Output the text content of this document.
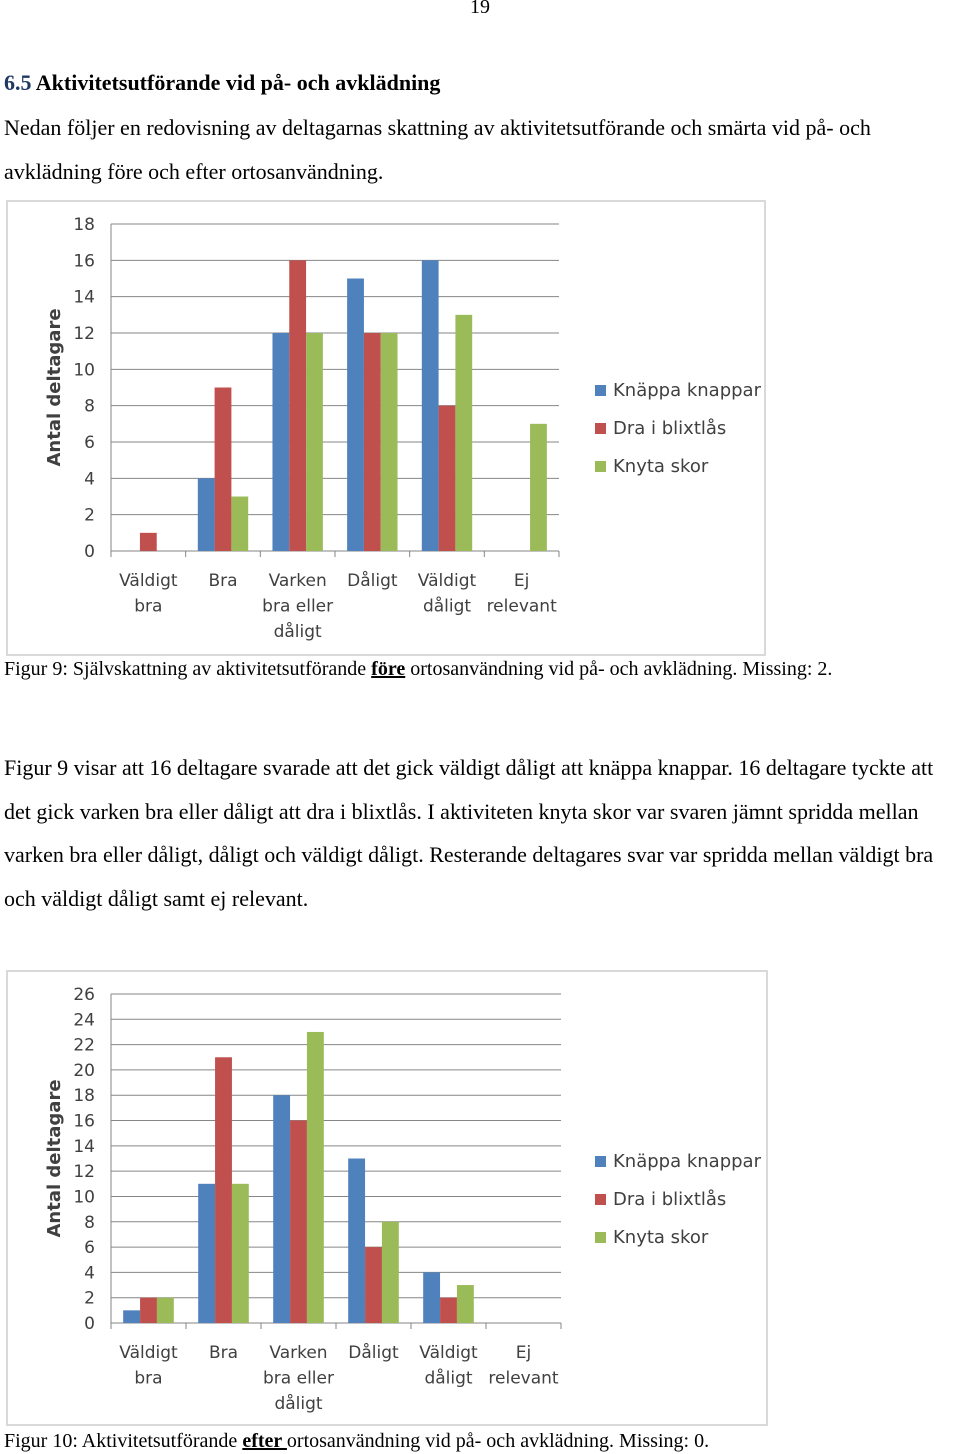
19
6.5 Aktivitetsutförande vid på- och avklädning

Nedan följer en redovisning av deltagarnas skattning av aktivitetsutförande och smärta vid på- och avklädning före och efter ortosanvändning.

0
2
4
6
8
10
12
14
16
18
Antal deltagare
Väldigt
bra
Bra Varken
bra eller
dåligt
Dåligt Väldigt
dåligt
Ej
relevant
Knäppa knappar
Dra i blixtlås
Knyta skor
Figur 9: Självskattning av aktivitetsutförande före ortosanvändning vid på- och avklädning. Missing: 2.

Figur 9 visar att 16 deltagare svarade att det gick väldigt dåligt att knäppa knappar. 16 deltagare tyckte att det gick varken bra eller dåligt att dra i blixtlås. I aktiviteten knyta skor var svaren jämnt spridda mellan varken bra eller dåligt, dåligt och väldigt dåligt. Resterande deltagares svar var spridda mellan väldigt bra och väldigt dåligt samt ej relevant.

0
2
4
6
8
10
12
14
16
18
20
22
24
26
Antal deltagare
Väldigt
bra
Bra Varken
bra eller
dåligt
Dåligt Väldigt
dåligt
Ej
relevant
Knäppa knappar
Dra i blixtlås
Knyta skor
Figur 10: Aktivitetsutförande efter ortosanvändning vid på- och avklädning. Missing: 0.
